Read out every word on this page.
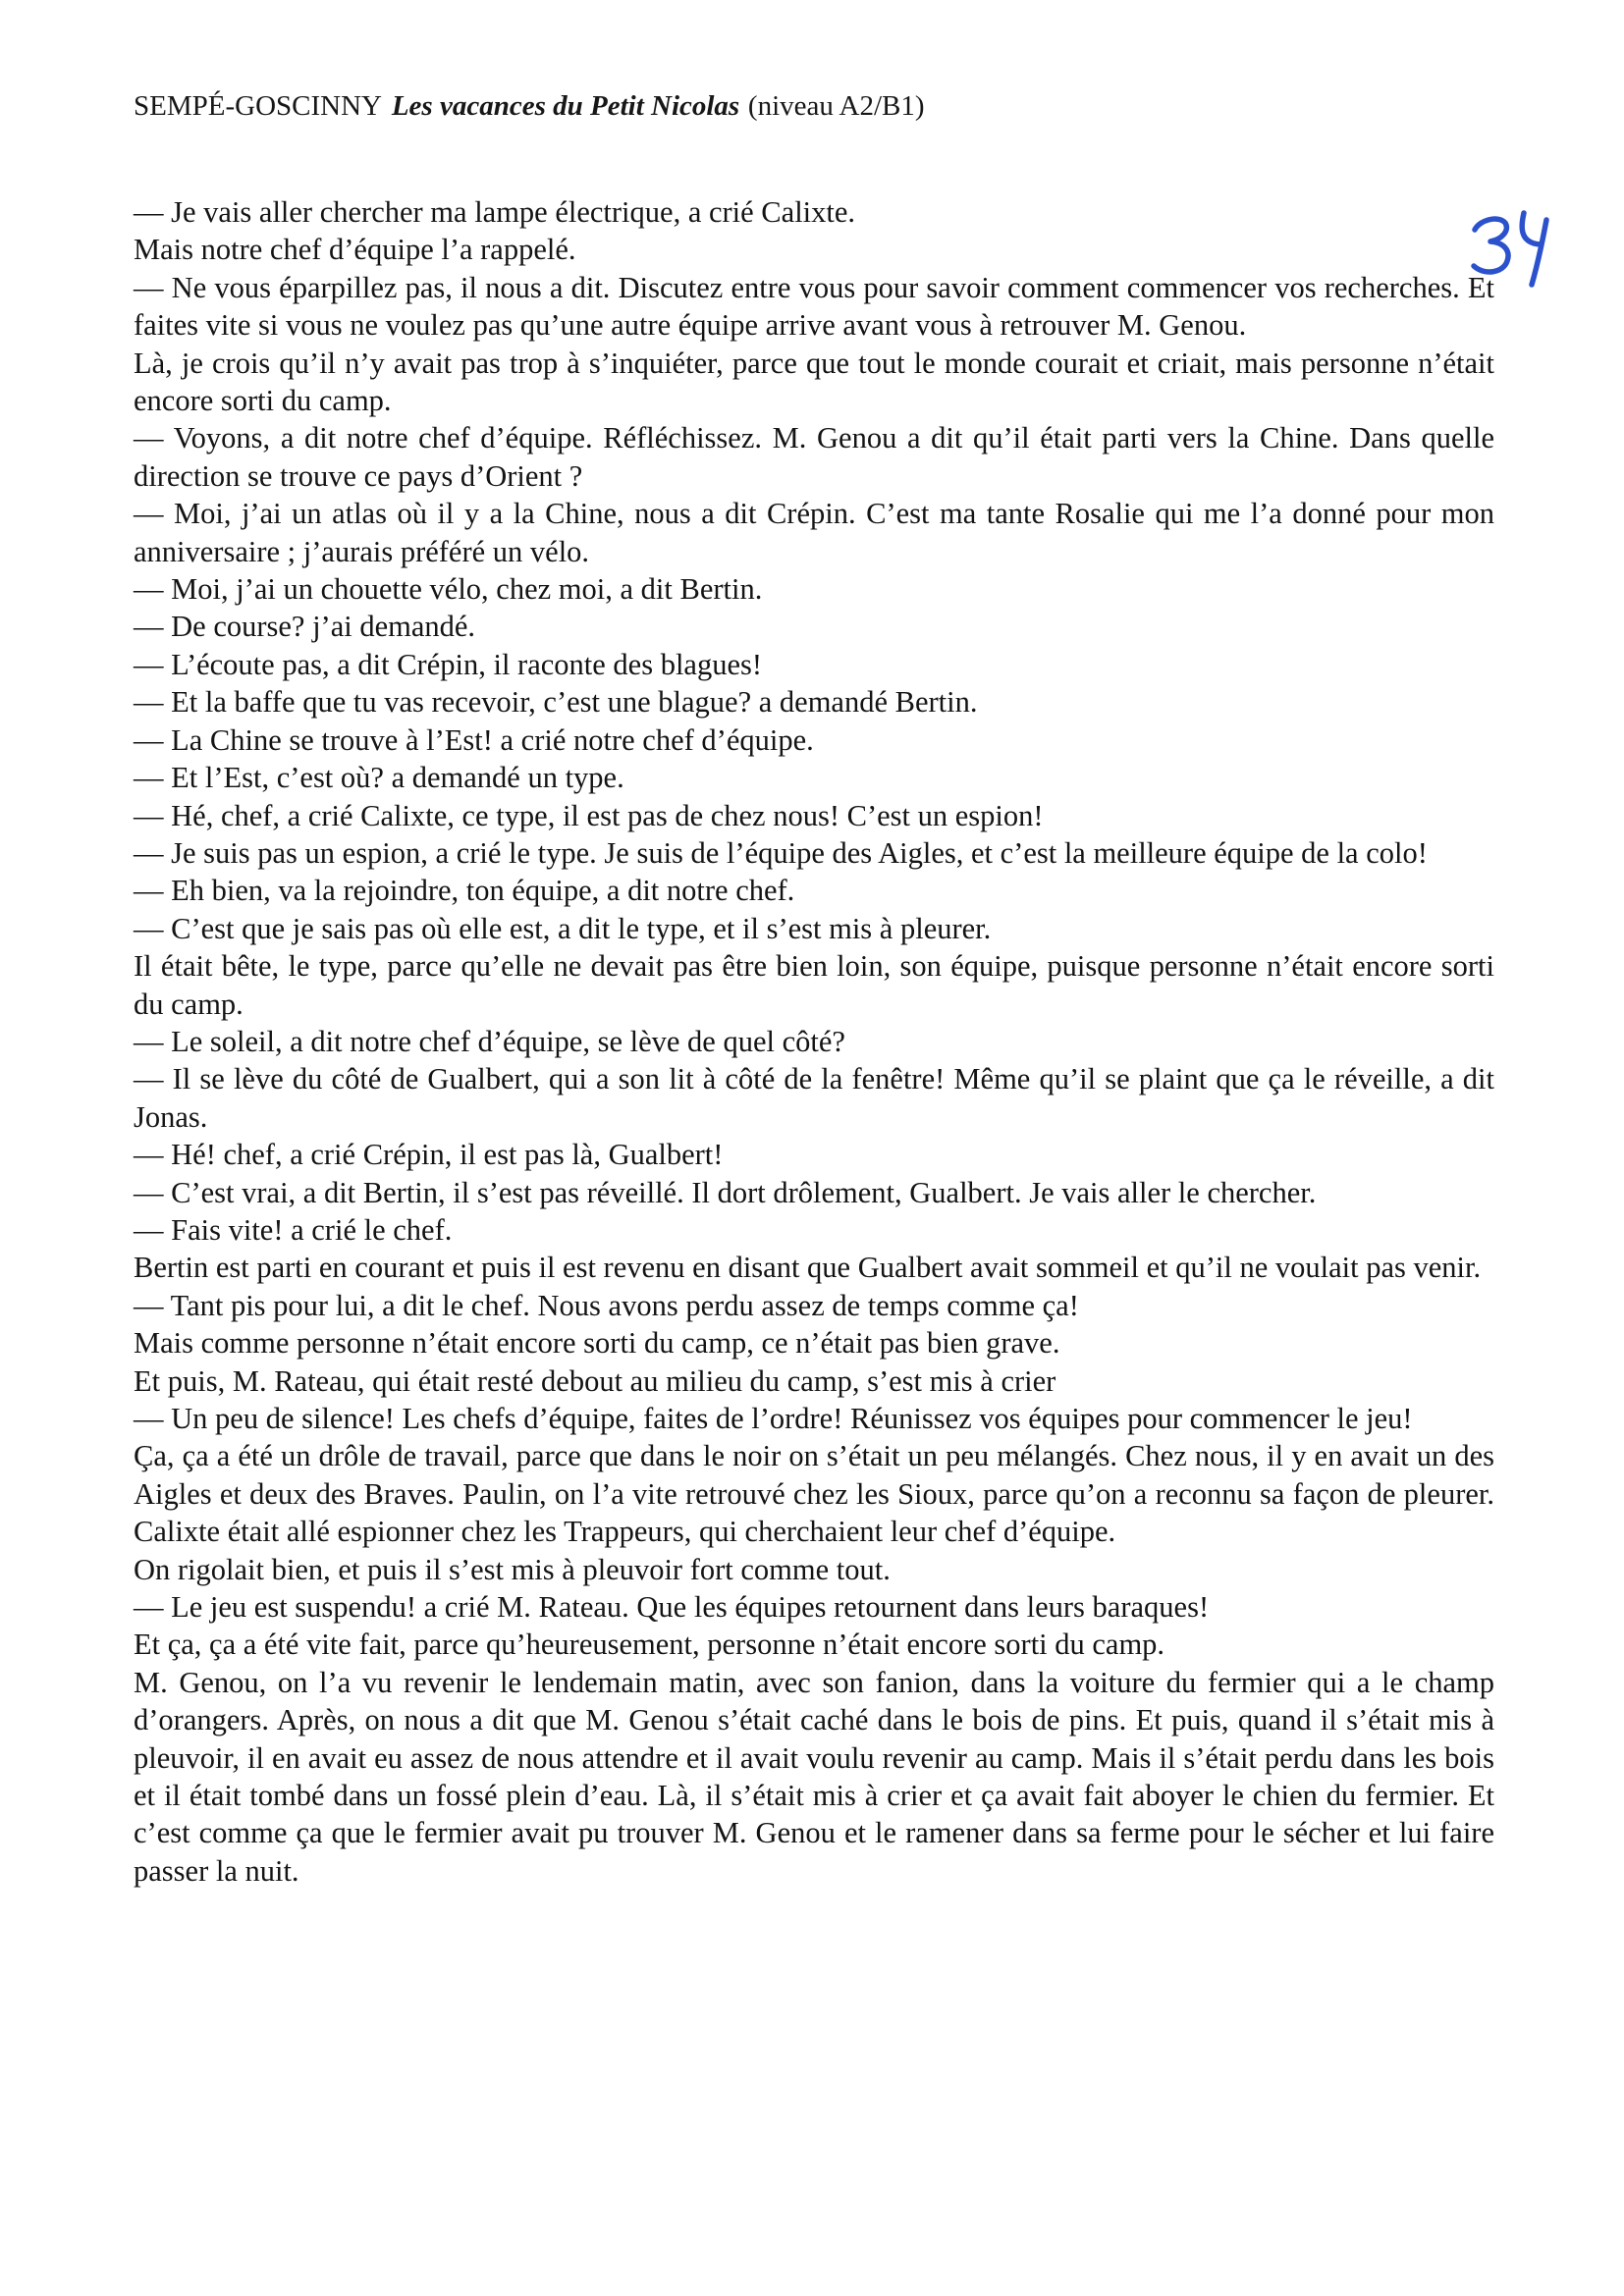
SEMPÉ-GOSCINNY Les vacances du Petit Nicolas (niveau A2/B1)

— Je vais aller chercher ma lampe électrique, a crié Calixte.

Mais notre chef d’équipe l’a rappelé.

— Ne vous éparpillez pas, il nous a dit. Discutez entre vous pour savoir comment commencer vos recherches. Et faites vite si vous ne voulez pas qu’une autre équipe arrive avant vous à retrouver M. Genou.

Là, je crois qu’il n’y avait pas trop à s’inquiéter, parce que tout le monde courait et criait, mais personne n’était encore sorti du camp.

— Voyons, a dit notre chef d’équipe. Réfléchissez. M. Genou a dit qu’il était parti vers la Chine. Dans quelle direction se trouve ce pays d’Orient ?

— Moi, j’ai un atlas où il y a la Chine, nous a dit Crépin. C’est ma tante Rosalie qui me l’a donné pour mon anniversaire ; j’aurais préféré un vélo.

— Moi, j’ai un chouette vélo, chez moi, a dit Bertin.

— De course? j’ai demandé.

— L’écoute pas, a dit Crépin, il raconte des blagues!

— Et la baffe que tu vas recevoir, c’est une blague? a demandé Bertin.

— La Chine se trouve à l’Est! a crié notre chef d’équipe.

— Et l’Est, c’est où? a demandé un type.

— Hé, chef, a crié Calixte, ce type, il est pas de chez nous! C’est un espion!

— Je suis pas un espion, a crié le type. Je suis de l’équipe des Aigles, et c’est la meilleure équipe de la colo!

— Eh bien, va la rejoindre, ton équipe, a dit notre chef.

— C’est que je sais pas où elle est, a dit le type, et il s’est mis à pleurer.

Il était bête, le type, parce qu’elle ne devait pas être bien loin, son équipe, puisque personne n’était encore sorti du camp.

— Le soleil, a dit notre chef d’équipe, se lève de quel côté?

— Il se lève du côté de Gualbert, qui a son lit à côté de la fenêtre! Même qu’il se plaint que ça le réveille, a dit Jonas.

— Hé! chef, a crié Crépin, il est pas là, Gualbert!

— C’est vrai, a dit Bertin, il s’est pas réveillé. Il dort drôlement, Gualbert. Je vais aller le chercher.

— Fais vite! a crié le chef.

Bertin est parti en courant et puis il est revenu en disant que Gualbert avait sommeil et qu’il ne voulait pas venir.

— Tant pis pour lui, a dit le chef. Nous avons perdu assez de temps comme ça!

Mais comme personne n’était encore sorti du camp, ce n’était pas bien grave.

Et puis, M. Rateau, qui était resté debout au milieu du camp, s’est mis à crier

— Un peu de silence! Les chefs d’équipe, faites de l’ordre! Réunissez vos équipes pour commencer le jeu!

Ça, ça a été un drôle de travail, parce que dans le noir on s’était un peu mélangés. Chez nous, il y en avait un des Aigles et deux des Braves. Paulin, on l’a vite retrouvé chez les Sioux, parce qu’on a reconnu sa façon de pleurer. Calixte était allé espionner chez les Trappeurs, qui cherchaient leur chef d’équipe.

On rigolait bien, et puis il s’est mis à pleuvoir fort comme tout.

— Le jeu est suspendu! a crié M. Rateau. Que les équipes retournent dans leurs baraques!

Et ça, ça a été vite fait, parce qu’heureusement, personne n’était encore sorti du camp.

M. Genou, on l’a vu revenir le lendemain matin, avec son fanion, dans la voiture du fermier qui a le champ d’orangers. Après, on nous a dit que M. Genou s’était caché dans le bois de pins. Et puis, quand il s’était mis à pleuvoir, il en avait eu assez de nous attendre et il avait voulu revenir au camp. Mais il s’était perdu dans les bois et il était tombé dans un fossé plein d’eau. Là, il s’était mis à crier et ça avait fait aboyer le chien du fermier. Et c’est comme ça que le fermier avait pu trouver M. Genou et le ramener dans sa ferme pour le sécher et lui faire passer la nuit.
